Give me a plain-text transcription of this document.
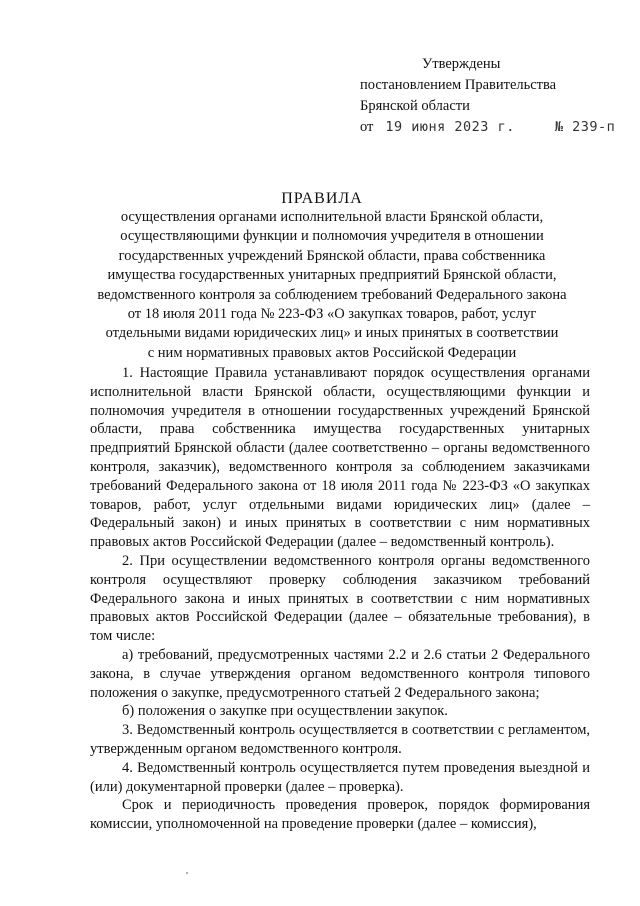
Утверждены
постановлением Правительства
Брянской области
от 19 июня 2023 г.	№ 239-п
ПРАВИЛА
осуществления органами исполнительной власти Брянской области,
осуществляющими функции и полномочия учредителя в отношении
государственных учреждений Брянской области, права собственника
имущества государственных унитарных предприятий Брянской области,
ведомственного контроля за соблюдением требований Федерального закона
от 18 июля 2011 года № 223-ФЗ «О закупках товаров, работ, услуг
отдельными видами юридических лиц» и иных принятых в соответствии
с ним нормативных правовых актов Российской Федерации

1. Настоящие Правила устанавливают порядок осуществления органами исполнительной власти Брянской области, осуществляющими функции и полномочия учредителя в отношении государственных учреждений Брянской области, права собственника имущества государственных унитарных предприятий Брянской области (далее соответственно – органы ведомственного контроля, заказчик), ведомственного контроля за соблюдением заказчиками требований Федерального закона от 18 июля 2011 года № 223-ФЗ «О закупках товаров, работ, услуг отдельными видами юридических лиц» (далее – Федеральный закон) и иных принятых в соответствии с ним нормативных правовых актов Российской Федерации (далее – ведомственный контроль).

2. При осуществлении ведомственного контроля органы ведомственного контроля осуществляют проверку соблюдения заказчиком требований Федерального закона и иных принятых в соответствии с ним нормативных правовых актов Российской Федерации (далее – обязательные требования), в том числе:

а) требований, предусмотренных частями 2.2 и 2.6 статьи 2 Федерального закона, в случае утверждения органом ведомственного контроля типового положения о закупке, предусмотренного статьей 2 Федерального закона;

б) положения о закупке при осуществлении закупок.

3. Ведомственный контроль осуществляется в соответствии с регламентом, утвержденным органом ведомственного контроля.

4. Ведомственный контроль осуществляется путем проведения выездной и (или) документарной проверки (далее – проверка).

Срок и периодичность проведения проверок, порядок формирования комиссии, уполномоченной на проведение проверки (далее – комиссия),
